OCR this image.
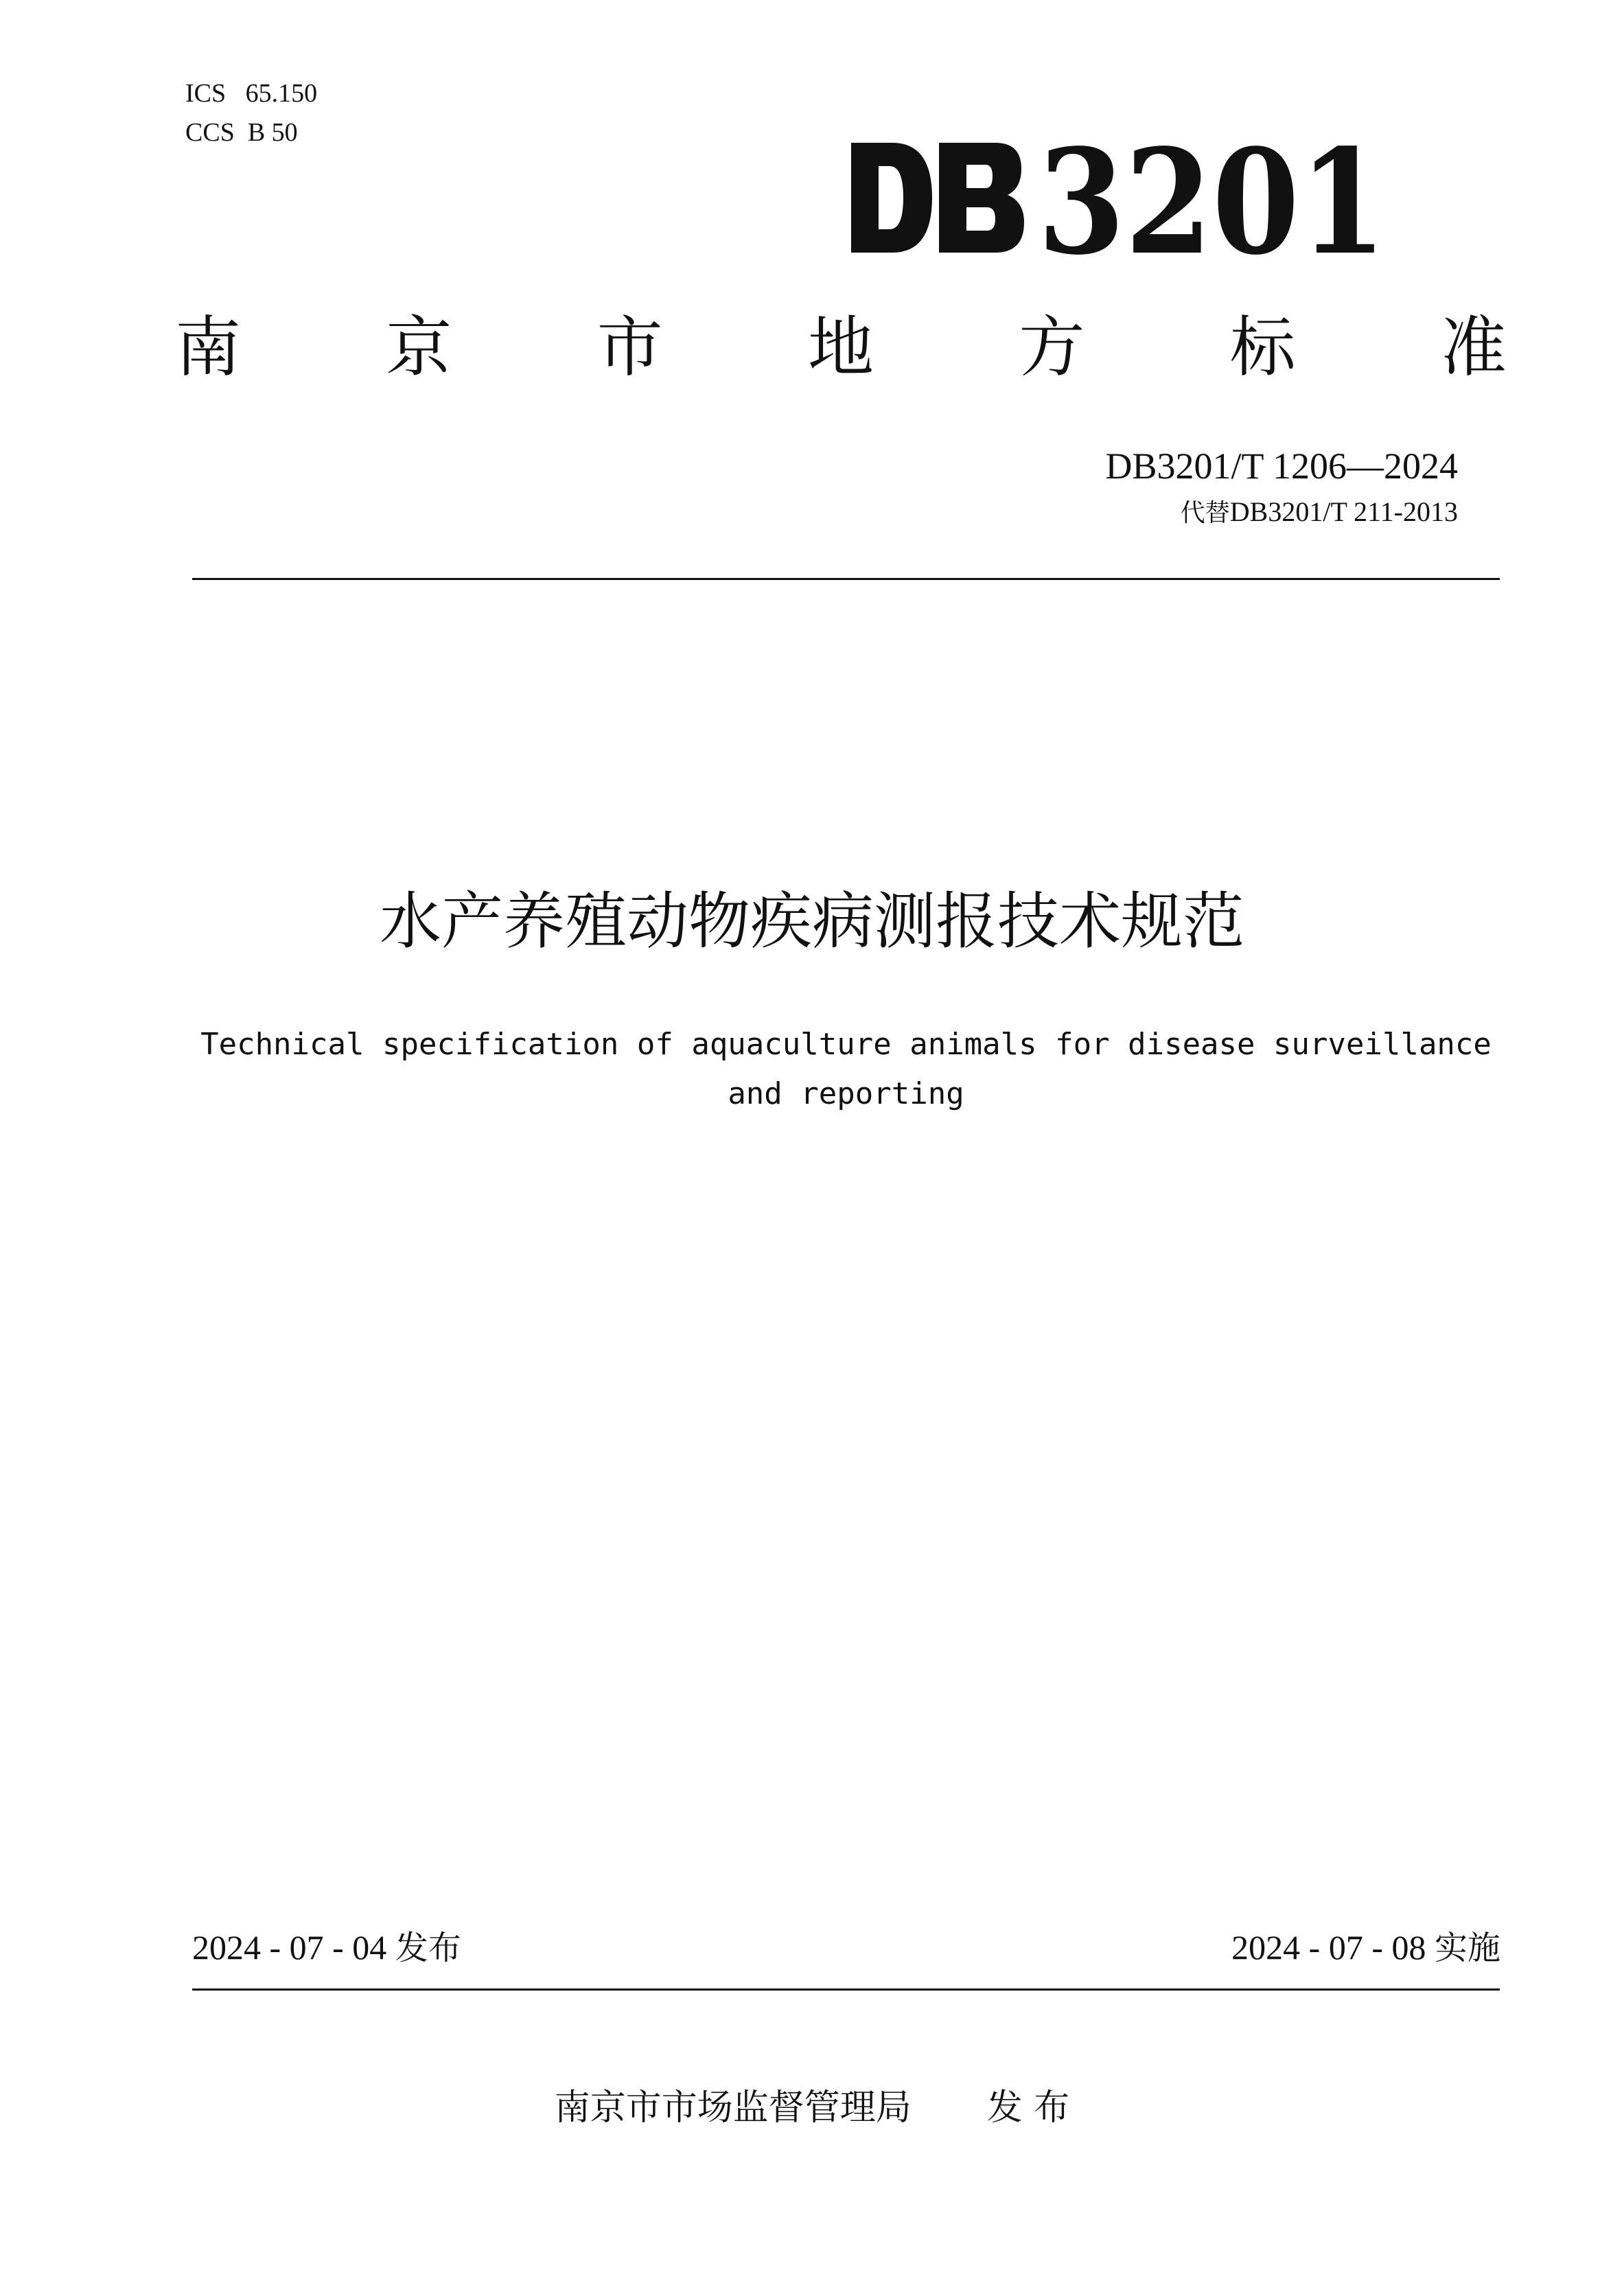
ICS 65.150
CCS B 50	3201
南 京 市 地 方 标 准
DB3201/T 1206—2024
代替DB3201/T 211-2013
水产养殖动物疾病测报技术规范
Technical specification of aquaculture animals for disease surveillance
and reporting
2024 - 07 - 04 发布	2024 - 07 - 08 实施
南京市市场监督管理局 发 布
